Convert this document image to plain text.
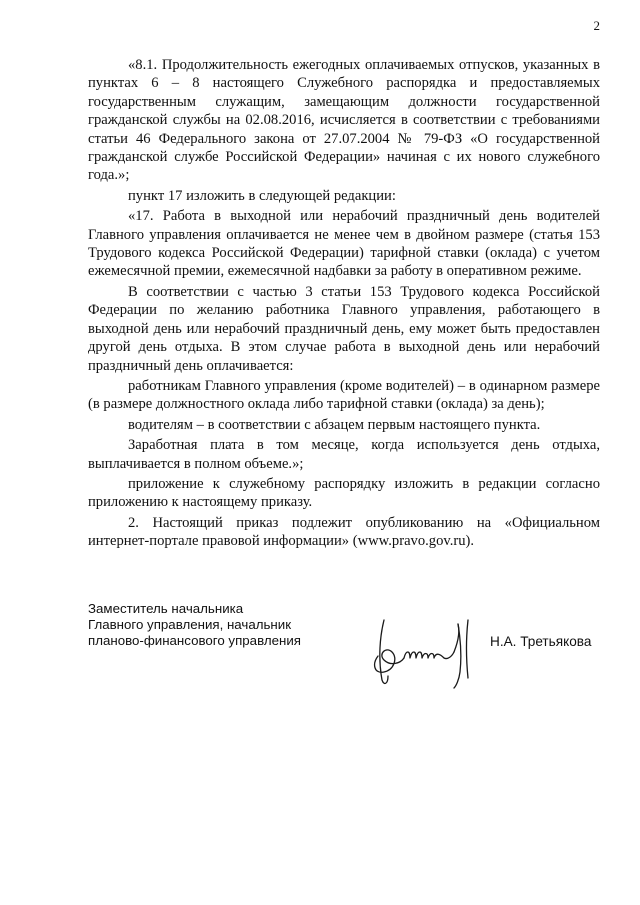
2

«8.1. Продолжительность ежегодных оплачиваемых отпусков, указанных в пунктах 6 – 8 настоящего Служебного распорядка и предоставляемых государственным служащим, замещающим должности государственной гражданской службы на 02.08.2016, исчисляется в соответствии с требованиями статьи 46 Федерального закона от 27.07.2004 № 79-ФЗ «О государственной гражданской службе Российской Федерации» начиная с их нового служебного года.»;

пункт 17 изложить в следующей редакции:

«17. Работа в выходной или нерабочий праздничный день водителей Главного управления оплачивается не менее чем в двойном размере (статья 153 Трудового кодекса Российской Федерации) тарифной ставки (оклада) с учетом ежемесячной премии, ежемесячной надбавки за работу в оперативном режиме.

В соответствии с частью 3 статьи 153 Трудового кодекса Российской Федерации по желанию работника Главного управления, работающего в выходной день или нерабочий праздничный день, ему может быть предоставлен другой день отдыха. В этом случае работа в выходной день или нерабочий праздничный день оплачивается:

работникам Главного управления (кроме водителей) – в одинарном размере (в размере должностного оклада либо тарифной ставки (оклада) за день);

водителям – в соответствии с абзацем первым настоящего пункта.

Заработная плата в том месяце, когда используется день отдыха, выплачивается в полном объеме.»;

приложение к служебному распорядку изложить в редакции согласно приложению к настоящему приказу.

2. Настоящий приказ подлежит опубликованию на «Официальном интернет-портале правовой информации» (www.pravo.gov.ru).

Заместитель начальника
Главного управления, начальник
планово-финансового управления	Н.А. Третьякова
